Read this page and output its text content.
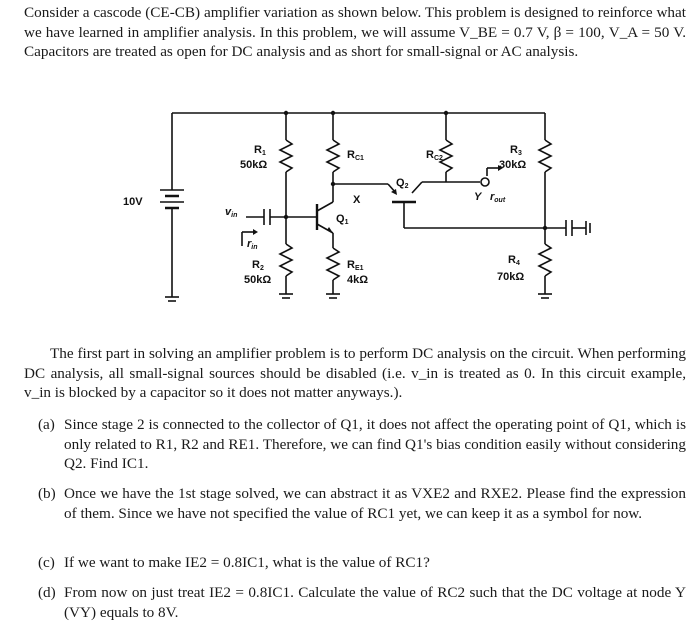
Consider a cascode (CE-CB) amplifier variation as shown below. This problem is designed to reinforce what we have learned in amplifier analysis. In this problem, we will assume V_BE = 0.7 V, β = 100, V_A = 50 V. Capacitors are treated as open for DC analysis and as short for small-signal or AC analysis.

10V
R1
50kΩ
R2
50kΩ
RC1
RE1
4kΩ
Q1
Q2
X	Y
RC2
R3
30kΩ
R4
70kΩ
vin
rin
rout

The first part in solving an amplifier problem is to perform DC analysis on the circuit. When performing DC analysis, all small-signal sources should be disabled (i.e. v_in is treated as 0. In this circuit example, v_in is blocked by a capacitor so it does not matter anyways.).

(a) Since stage 2 is connected to the collector of Q1, it does not affect the operating point of Q1, which is only related to R1, R2 and RE1. Therefore, we can find Q1's bias condition easily without considering Q2. Find IC1.
(b) Once we have the 1st stage solved, we can abstract it as VXE2 and RXE2. Please find the expression of them. Since we have not specified the value of RC1 yet, we can keep it as a symbol for now.
(c) If we want to make IE2 = 0.8IC1, what is the value of RC1?
(d) From now on just treat IE2 = 0.8IC1. Calculate the value of RC2 such that the DC voltage at node Y (VY) equals to 8V.
